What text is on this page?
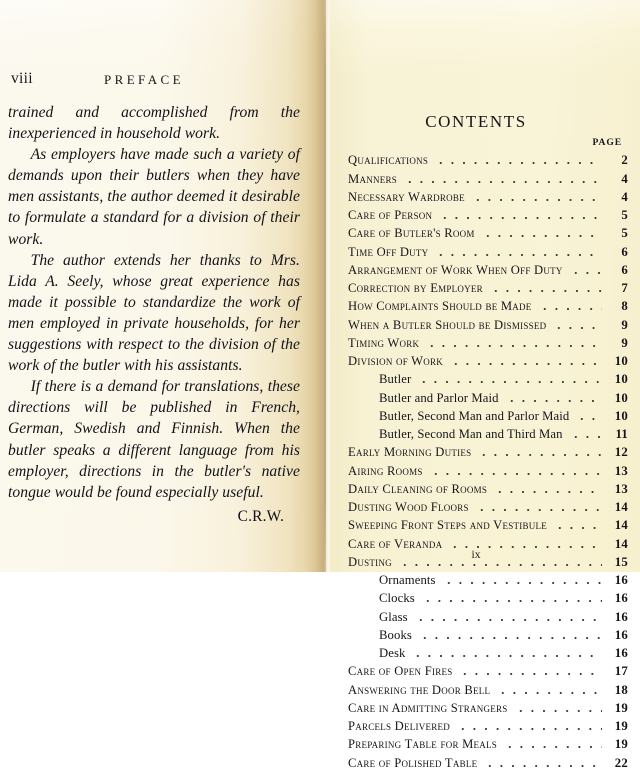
viii	PREFACE

trained and accomplished from the inexperienced in household work.

As employers have made such a variety of demands upon their butlers when they have men assistants, the author deemed it desirable to formulate a standard for a division of their work.

The author extends her thanks to Mrs. Lida A. Seely, whose great experience has made it possible to standardize the work of men employed in private households, for her suggestions with respect to the division of the work of the butler with his assistants.

If there is a demand for translations, these directions will be published in French, German, Swedish and Finnish. When the butler speaks a different language from his employer, directions in the butler's native tongue would be found especially useful.

C.R.W.
CONTENTS
PAGE
Qualifications	2
Manners	4
Necessary Wardrobe	4
Care of Person	5
Care of Butler's Room	5
Time Off Duty	6
Arrangement of Work When Off Duty	6
Correction by Employer	7
How Complaints Should be Made	8
When a Butler Should be Dismissed	9
Timing Work	9
Division of Work	10
Butler	10
Butler and Parlor Maid	10
Butler, Second Man and Parlor Maid	10
Butler, Second Man and Third Man	11
Early Morning Duties	12
Airing Rooms	13
Daily Cleaning of Rooms	13
Dusting Wood Floors	14
Sweeping Front Steps and Vestibule	14
Care of Veranda	14
Dusting	15
Ornaments	16
Clocks	16
Glass	16
Books	16
Desk	16
Care of Open Fires	17
Answering the Door Bell	18
Care in Admitting Strangers	19
Parcels Delivered	19
Preparing Table for Meals	19
Care of Polished Table	22
ix
